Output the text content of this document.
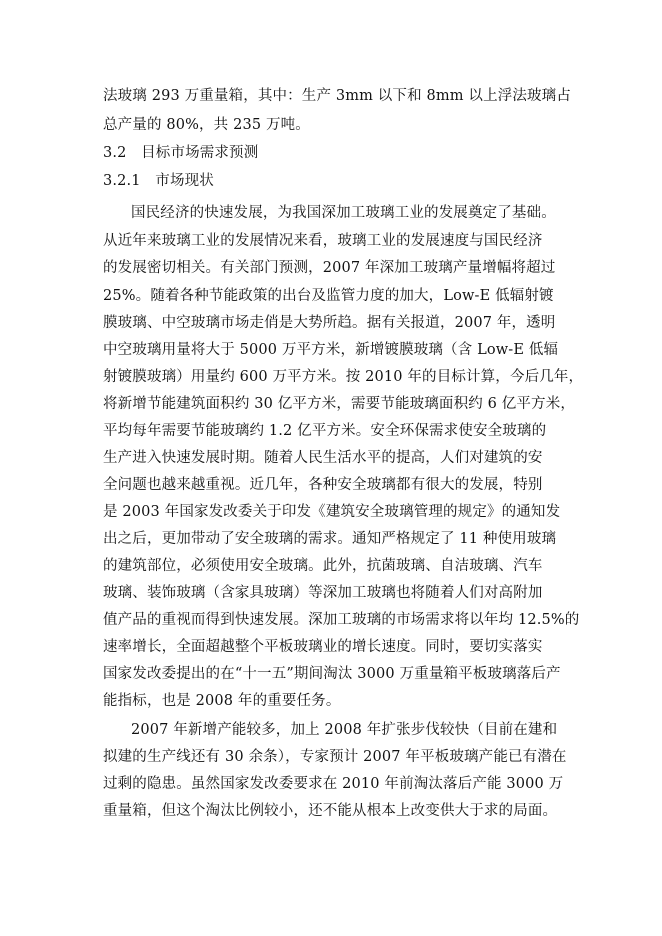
法玻璃 293 万重量箱，其中：生产 3mm 以下和 8mm 以上浮法玻璃占
总产量的 80%，共 235 万吨。
3.2　目标市场需求预测
3.2.1　市场现状
国民经济的快速发展，为我国深加工玻璃工业的发展奠定了基础。
从近年来玻璃工业的发展情况来看，玻璃工业的发展速度与国民经济
的发展密切相关。有关部门预测，2007 年深加工玻璃产量增幅将超过
25%。随着各种节能政策的出台及监管力度的加大，Low-E 低辐射镀
膜玻璃、中空玻璃市场走俏是大势所趋。据有关报道，2007 年，透明
中空玻璃用量将大于 5000 万平方米，新增镀膜玻璃（含 Low-E 低辐
射镀膜玻璃）用量约 600 万平方米。按 2010 年的目标计算，今后几年，
将新增节能建筑面积约 30 亿平方米，需要节能玻璃面积约 6 亿平方米，
平均每年需要节能玻璃约 1.2 亿平方米。安全环保需求使安全玻璃的
生产进入快速发展时期。随着人民生活水平的提高，人们对建筑的安
全问题也越来越重视。近几年，各种安全玻璃都有很大的发展，特别
是 2003 年国家发改委关于印发《建筑安全玻璃管理的规定》的通知发
出之后，更加带动了安全玻璃的需求。通知严格规定了 11 种使用玻璃
的建筑部位，必须使用安全玻璃。此外，抗菌玻璃、自洁玻璃、汽车
玻璃、装饰玻璃（含家具玻璃）等深加工玻璃也将随着人们对高附加
值产品的重视而得到快速发展。深加工玻璃的市场需求将以年均 12.5%的
速率增长，全面超越整个平板玻璃业的增长速度。同时，要切实落实
国家发改委提出的在“十一五”期间淘汰 3000 万重量箱平板玻璃落后产
能指标，也是 2008 年的重要任务。
2007 年新增产能较多，加上 2008 年扩张步伐较快（目前在建和
拟建的生产线还有 30 余条），专家预计 2007 年平板玻璃产能已有潜在
过剩的隐患。虽然国家发改委要求在 2010 年前淘汰落后产能 3000 万
重量箱，但这个淘汰比例较小，还不能从根本上改变供大于求的局面。
